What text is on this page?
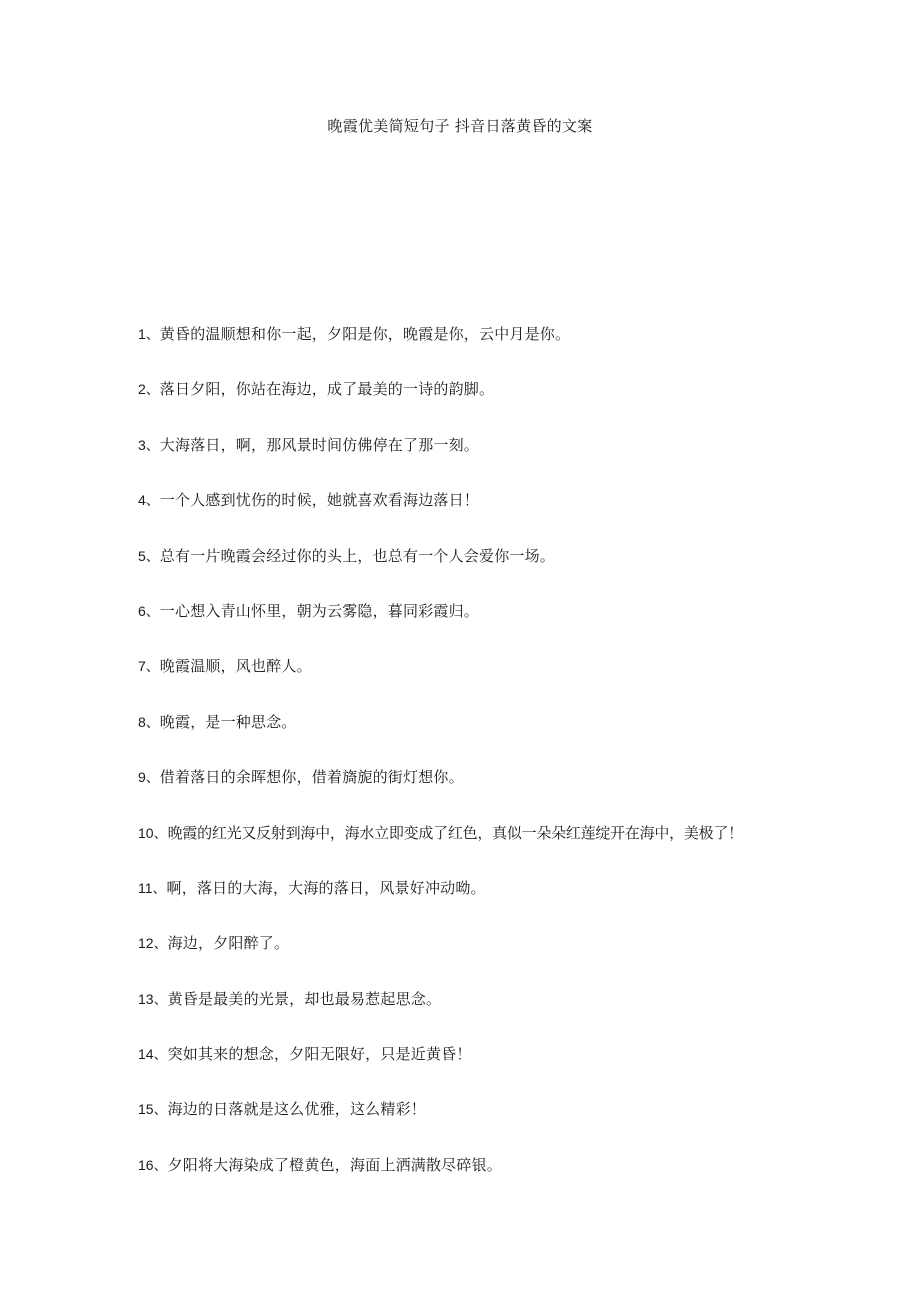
晚霞优美简短句子 抖音日落黄昏的文案
1、黄昏的温顺想和你一起，夕阳是你，晚霞是你，云中月是你。
2、落日夕阳，你站在海边，成了最美的一诗的韵脚。
3、大海落日，啊，那风景时间仿佛停在了那一刻。
4、一个人感到忧伤的时候，她就喜欢看海边落日！
5、总有一片晚霞会经过你的头上，也总有一个人会爱你一场。
6、一心想入青山怀里，朝为云雾隐，暮同彩霞归。
7、晚霞温顺，风也醉人。
8、晚霞，是一种思念。
9、借着落日的余晖想你，借着旖旎的街灯想你。
10、晚霞的红光又反射到海中，海水立即变成了红色，真似一朵朵红莲绽开在海中，美极了！
11、啊，落日的大海，大海的落日，风景好冲动呦。
12、海边，夕阳醉了。
13、黄昏是最美的光景，却也最易惹起思念。
14、突如其来的想念，夕阳无限好，只是近黄昏！
15、海边的日落就是这么优雅，这么精彩！
16、夕阳将大海染成了橙黄色，海面上洒满散尽碎银。
